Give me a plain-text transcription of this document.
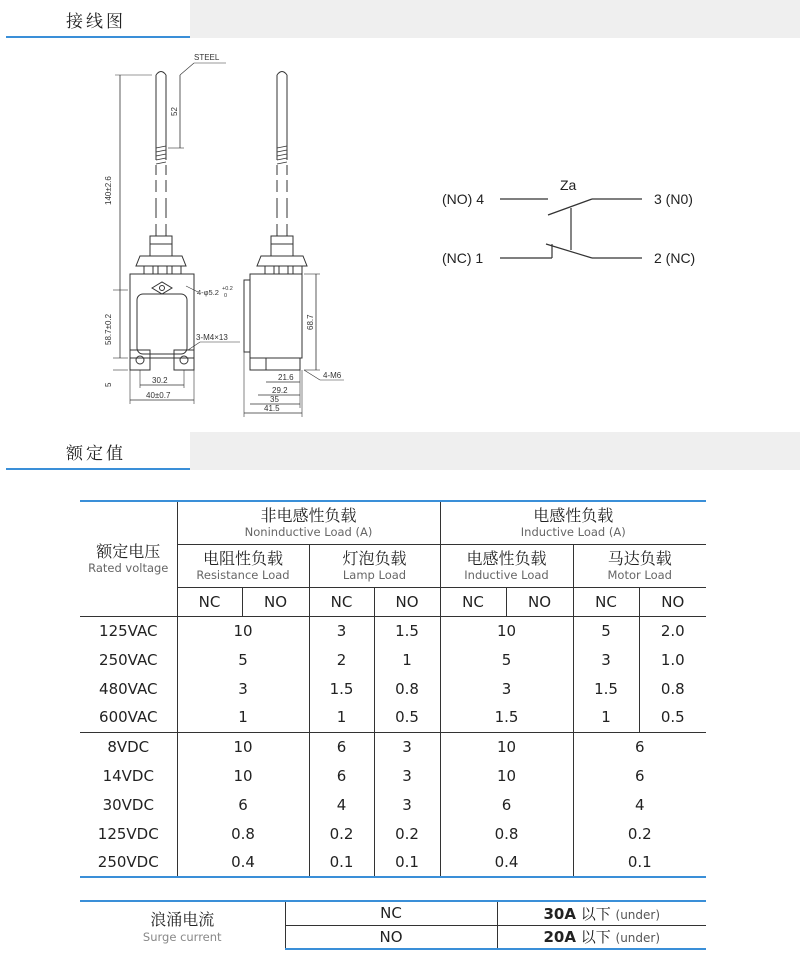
接线图
STEEL
52
140±2.6
58.7±0.2
5	30.2
40±0.7
4-φ5.2 +0.2
0
3-M4×13
68.7
4-M6
21.6
29.2
35
41.5
Za
(NO) 4
(NC) 1
3 (N0)
2 (NC)
额定值
额定电压
Rated voltage	非电感性负载
Noninductive Load (A)				电感性负载
Inductive Load (A)			

	电阻性负载
Resistance Load		灯泡负载
Lamp Load		电感性负载
Inductive Load		马达负载
Motor Load	

	NC	NO	NC	NO	NC	NO	NC	NO
125VAC	10		3	1.5	10		5	2.0
250VAC	5		2	1	5		3	1.0
480VAC	3		1.5	0.8	3		1.5	0.8
600VAC	1		1	0.5	1.5		1	0.5
8VDC	10		6	3	10		6	
14VDC	10		6	3	10		6	
30VDC	6		4	3	6		4	
125VDC	0.8		0.2	0.2	0.8		0.2	
250VDC	0.4		0.1	0.1	0.4		0.1	
浪涌电流
Surge current	NC	30A 以下 (under)
	NO	20A 以下 (under)
